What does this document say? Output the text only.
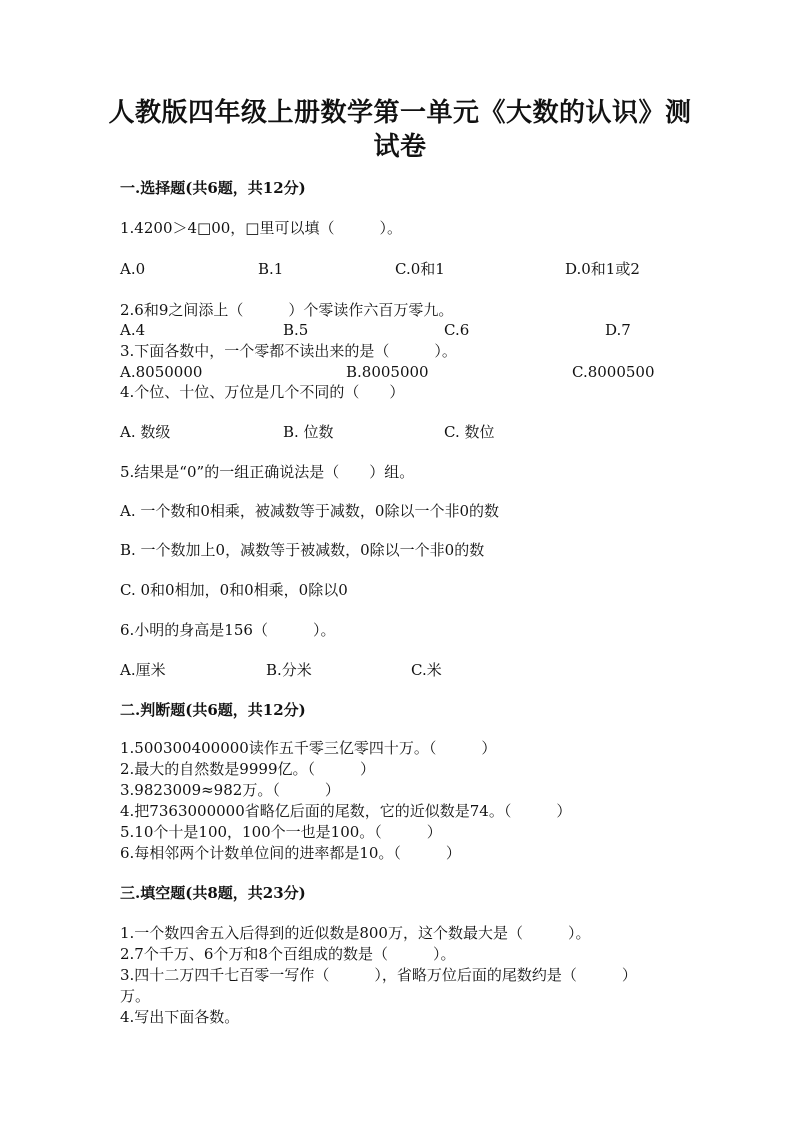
人教版四年级上册数学第一单元《大数的认识》测
试卷
一.选择题(共6题，共12分)
1.4200＞4□00，□里可以填（　　　）。
A.0	B.1	C.0和1	D.0和1或2
2.6和9之间添上（　　　）个零读作六百万零九。
A.4	B.5	C.6	D.7
3.下面各数中，一个零都不读出来的是（　　　）。
A.8050000	B.8005000	C.8000500
4.个位、十位、万位是几个不同的（　　）
A. 数级	B. 位数	C. 数位
5.结果是“0”的一组正确说法是（　　）组。
A. 一个数和0相乘，被减数等于减数，0除以一个非0的数
B. 一个数加上0，减数等于被减数，0除以一个非0的数
C. 0和0相加，0和0相乘，0除以0
6.小明的身高是156（　　　）。
A.厘米	B.分米	C.米
二.判断题(共6题，共12分)
1.500300400000读作五千零三亿零四十万。（　　　）
2.最大的自然数是9999亿。（　　　）
3.9823009≈982万。（　　　）
4.把7363000000省略亿后面的尾数，它的近似数是74。（　　　）
5.10个十是100，100个一也是100。（　　　）
6.每相邻两个计数单位间的进率都是10。（　　　）
三.填空题(共8题，共23分)
1.一个数四舍五入后得到的近似数是800万，这个数最大是（　　　）。
2.7个千万、6个万和8个百组成的数是（　　　）。
3.四十二万四千七百零一写作（　　　），省略万位后面的尾数约是（　　　）
万。
4.写出下面各数。
